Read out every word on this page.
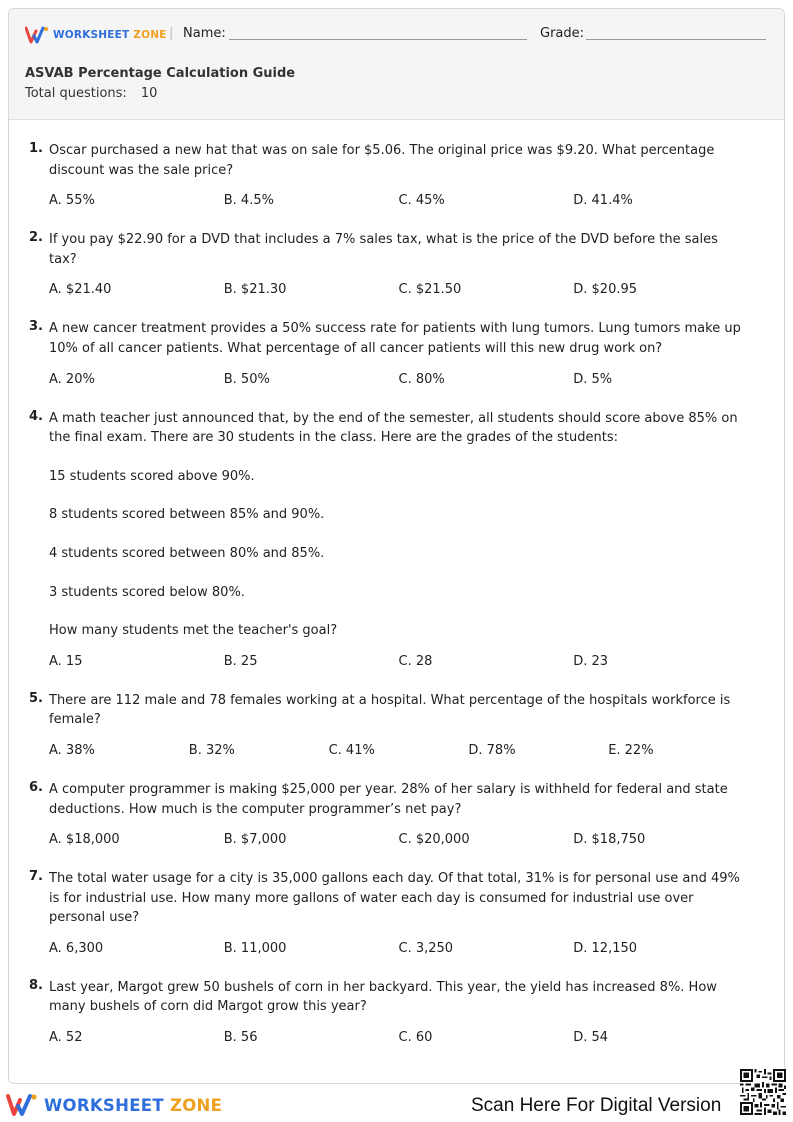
WORKSHEET ZONE | Name:	Grade:
ASVAB Percentage Calculation Guide
Total questions: 10
1. Oscar purchased a new hat that was on sale for $5.06. The original price was $9.20. What percentage discount was the sale price?
A. 55%	B. 4.5%	C. 45%	D. 41.4%
2. If you pay $22.90 for a DVD that includes a 7% sales tax, what is the price of the DVD before the sales tax?
A. $21.40	B. $21.30	C. $21.50	D. $20.95
3. A new cancer treatment provides a 50% success rate for patients with lung tumors. Lung tumors make up 10% of all cancer patients. What percentage of all cancer patients will this new drug work on?
A. 20%	B. 50%	C. 80%	D. 5%
4. A math teacher just announced that, by the end of the semester, all students should score above 85% on the final exam. There are 30 students in the class. Here are the grades of the students:
15 students scored above 90%.
8 students scored between 85% and 90%.
4 students scored between 80% and 85%.
3 students scored below 80%.
How many students met the teacher's goal?
A. 15	B. 25	C. 28	D. 23
5. There are 112 male and 78 females working at a hospital. What percentage of the hospitals workforce is female?
A. 38%	B. 32%	C. 41%	D. 78%	E. 22%
6. A computer programmer is making $25,000 per year. 28% of her salary is withheld for federal and state deductions. How much is the computer programmer’s net pay?
A. $18,000	B. $7,000	C. $20,000	D. $18,750
7. The total water usage for a city is 35,000 gallons each day. Of that total, 31% is for personal use and 49% is for industrial use. How many more gallons of water each day is consumed for industrial use over personal use?
A. 6,300	B. 11,000	C. 3,250	D. 12,150
8. Last year, Margot grew 50 bushels of corn in her backyard. This year, the yield has increased 8%. How many bushels of corn did Margot grow this year?
A. 52	B. 56	C. 60	D. 54
WORKSHEET ZONE	Scan Here For Digital Version
